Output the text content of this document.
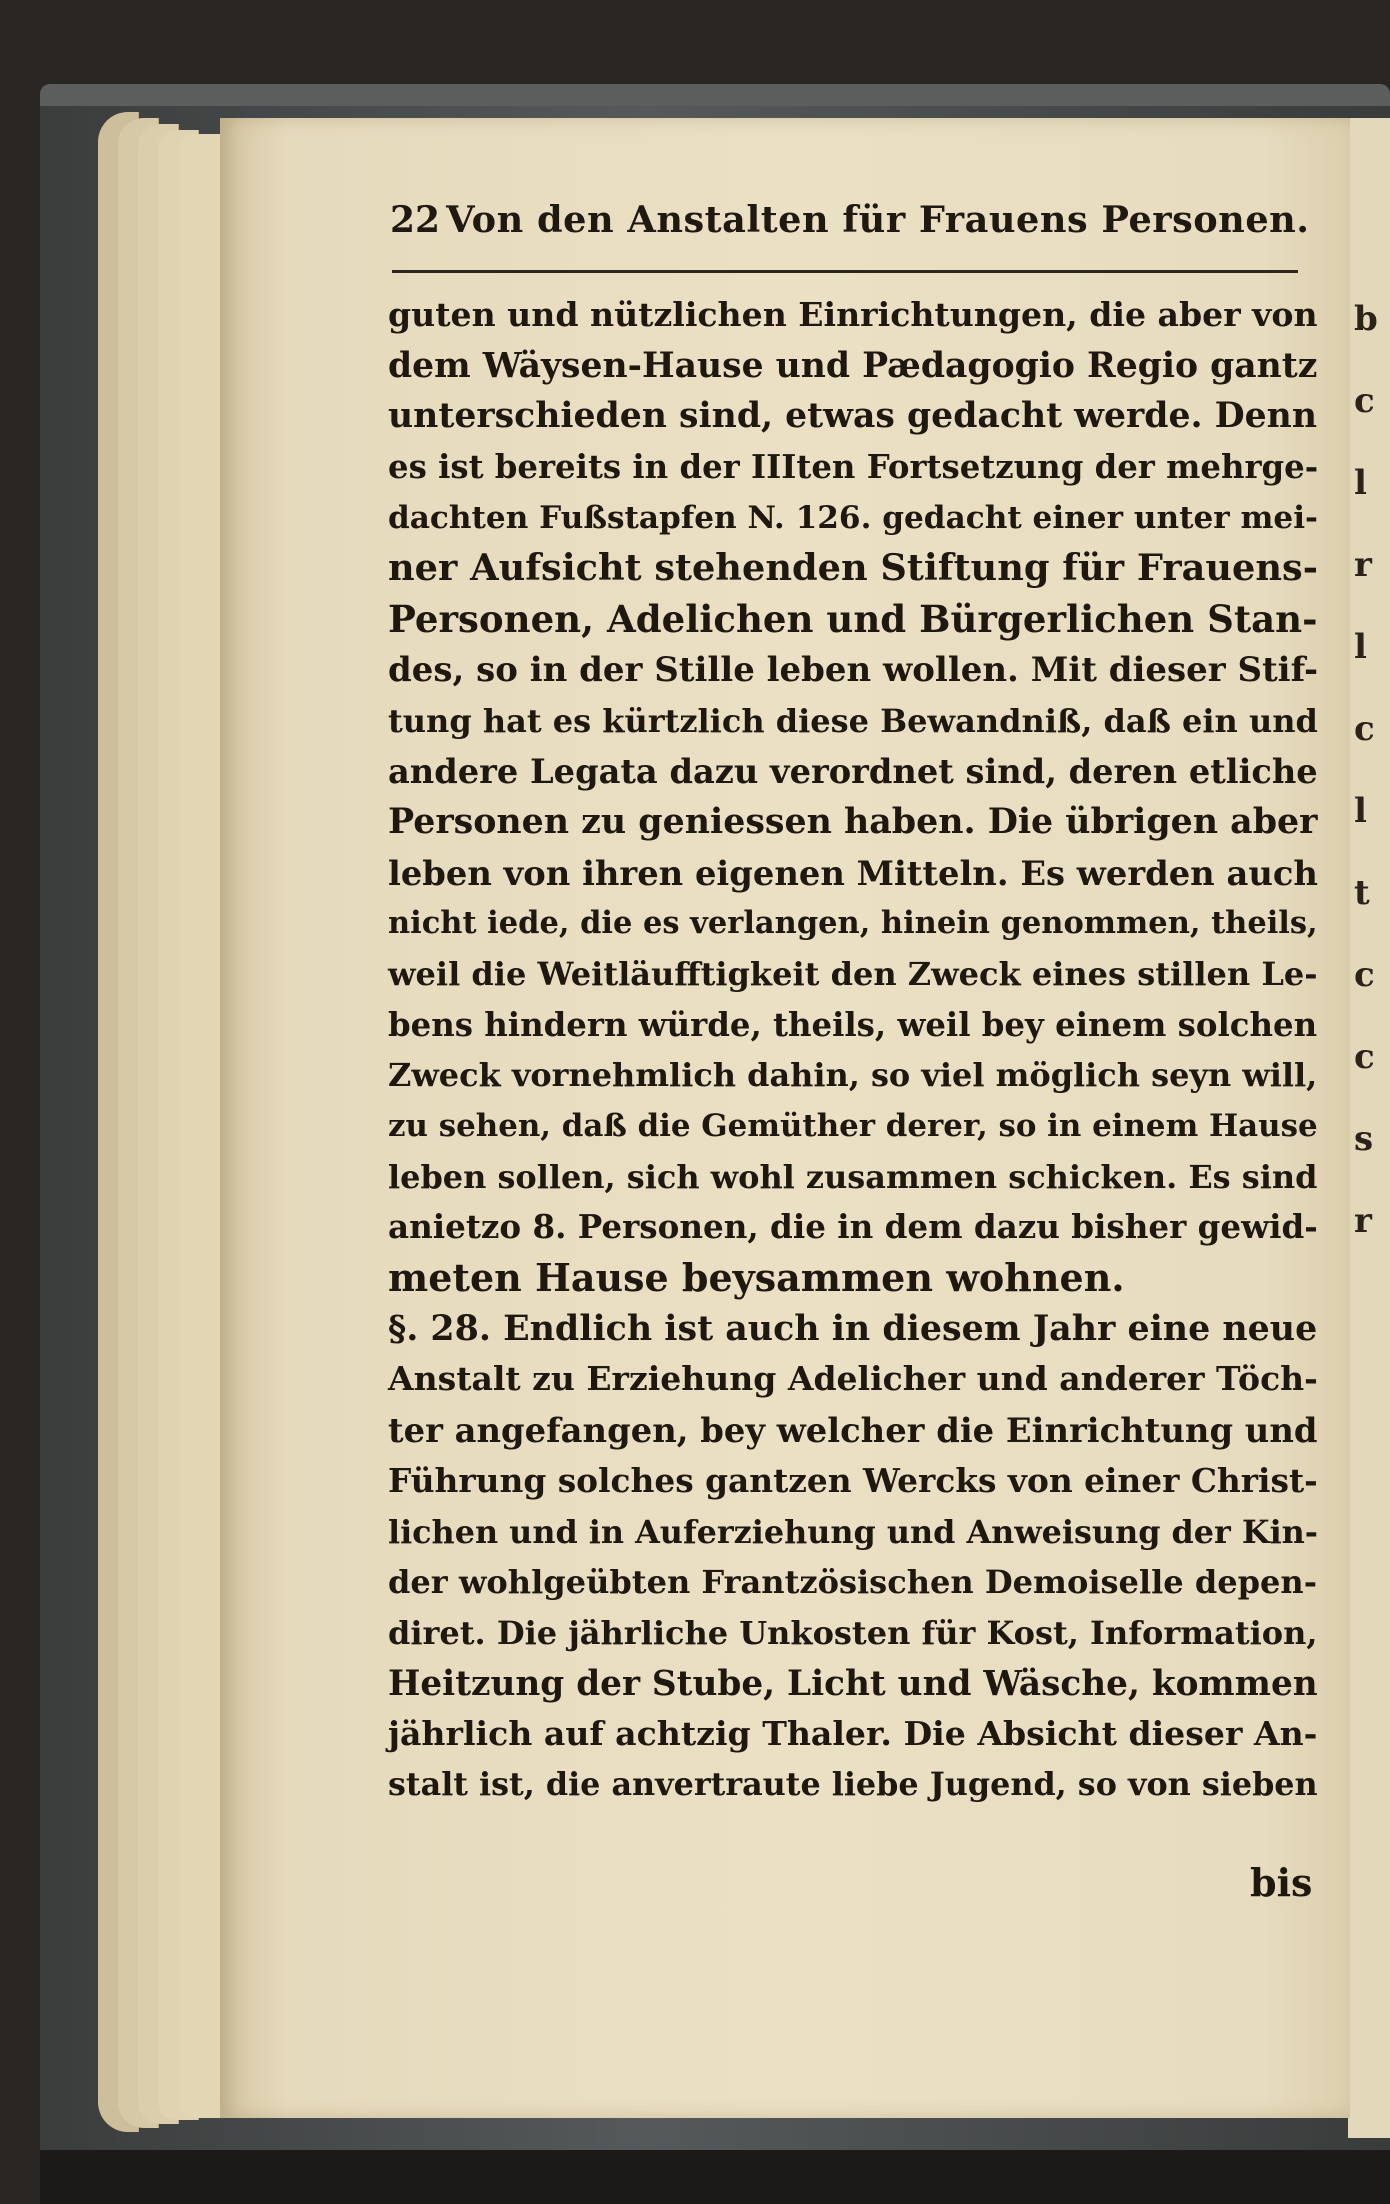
b
c
l
r
l
c
l
t
c
c
s
r
22 Von den Anstalten für Frauens Personen.
guten und nützlichen Einrichtungen, die aber von
dem Wäysen-Hause und Pædagogio Regio gantz
unterschieden sind, etwas gedacht werde. Denn
es ist bereits in der IIIten Fortsetzung der mehrge-
dachten Fußstapfen N. 126. gedacht einer unter mei-
ner Aufsicht stehenden Stiftung für Frauens-
Personen, Adelichen und Bürgerlichen Stan-
des, so in der Stille leben wollen. Mit dieser Stif-
tung hat es kürtzlich diese Bewandniß, daß ein und
andere Legata dazu verordnet sind, deren etliche
Personen zu geniessen haben. Die übrigen aber
leben von ihren eigenen Mitteln. Es werden auch
nicht iede, die es verlangen, hinein genommen, theils,
weil die Weitläufftigkeit den Zweck eines stillen Le-
bens hindern würde, theils, weil bey einem solchen
Zweck vornehmlich dahin, so viel möglich seyn will,
zu sehen, daß die Gemüther derer, so in einem Hause
leben sollen, sich wohl zusammen schicken. Es sind
anietzo 8. Personen, die in dem dazu bisher gewid-
meten Hause beysammen wohnen.
§. 28. Endlich ist auch in diesem Jahr eine neue
Anstalt zu Erziehung Adelicher und anderer Töch-
ter angefangen, bey welcher die Einrichtung und
Führung solches gantzen Wercks von einer Christ-
lichen und in Auferziehung und Anweisung der Kin-
der wohlgeübten Frantzösischen Demoiselle depen-
diret. Die jährliche Unkosten für Kost, Information,
Heitzung der Stube, Licht und Wäsche, kommen
jährlich auf achtzig Thaler. Die Absicht dieser An-
stalt ist, die anvertraute liebe Jugend, so von sieben
bis
